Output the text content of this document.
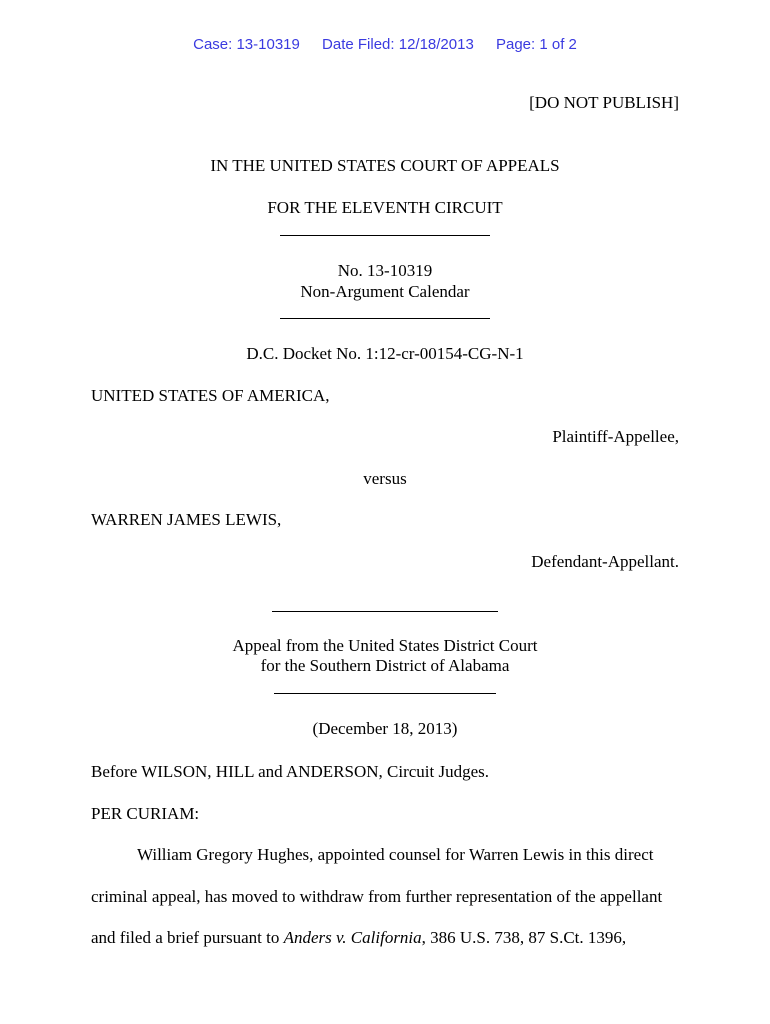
Case: 13-10319 Date Filed: 12/18/2013 Page: 1 of 2
[DO NOT PUBLISH]
IN THE UNITED STATES COURT OF APPEALS
FOR THE ELEVENTH CIRCUIT
No. 13-10319
Non-Argument Calendar
D.C. Docket No. 1:12-cr-00154-CG-N-1
UNITED STATES OF AMERICA,
Plaintiff-Appellee,
versus
WARREN JAMES LEWIS,
Defendant-Appellant.
Appeal from the United States District Court
for the Southern District of Alabama
(December 18, 2013)
Before WILSON, HILL and ANDERSON, Circuit Judges.
PER CURIAM:
William Gregory Hughes, appointed counsel for Warren Lewis in this direct
criminal appeal, has moved to withdraw from further representation of the appellant
and filed a brief pursuant to Anders v. California, 386 U.S. 738, 87 S.Ct. 1396,
